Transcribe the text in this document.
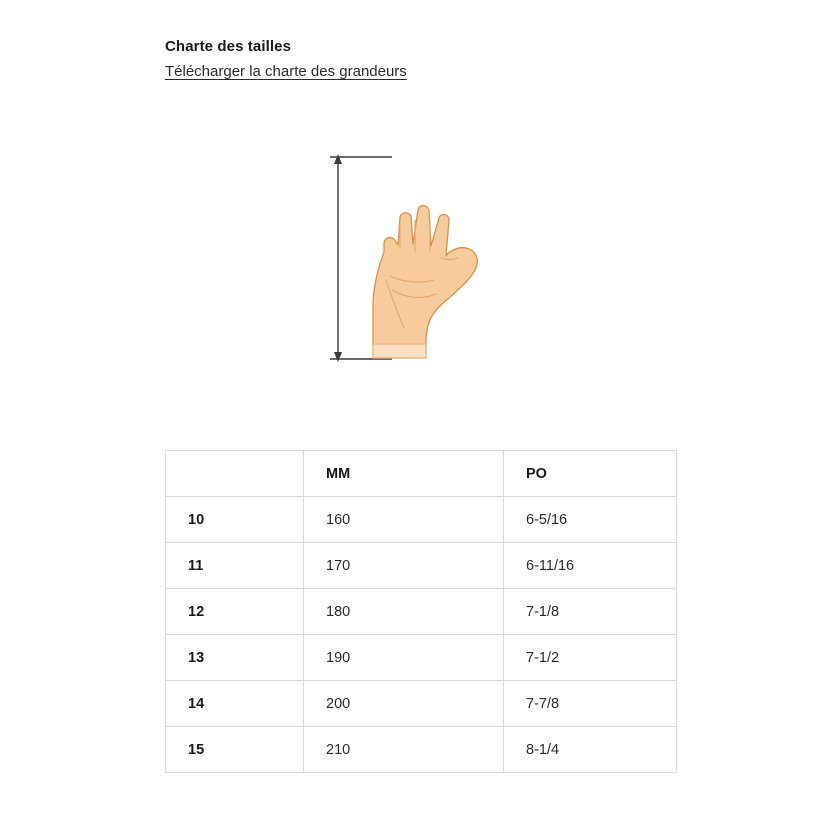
Charte des tailles
Télécharger la charte des grandeurs
	MM	PO
10	160	6-5/16
11	170	6-11/16
12	180	7-1/8
13	190	7-1/2
14	200	7-7/8
15	210	8-1/4
